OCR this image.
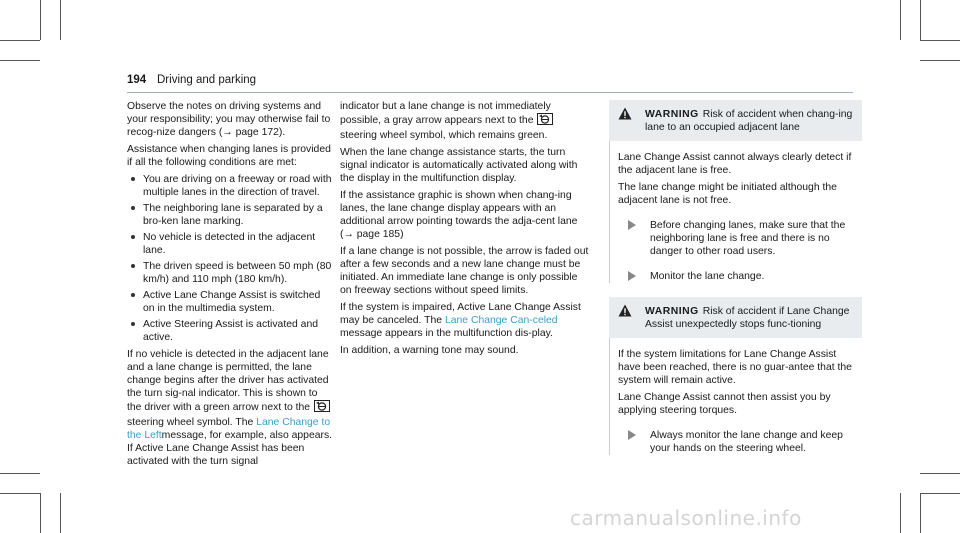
194 Driving and parking

Observe the notes on driving systems and your responsibility; you may otherwise fail to recog-nize dangers (→ page 172).

Assistance when changing lanes is provided if all the following conditions are met:

You are driving on a freeway or road with multiple lanes in the direction of travel.
The neighboring lane is separated by a bro-ken lane marking.
No vehicle is detected in the adjacent lane.
The driven speed is between 50 mph (80 km/h) and 110 mph (180 km/h).
Active Lane Change Assist is switched on in the multimedia system.
Active Steering Assist is activated and active.

If no vehicle is detected in the adjacent lane and a lane change is permitted, the lane change begins after the driver has activated the turn sig-nal indicator. This is shown to the driver with a green arrow next to the  steering wheel symbol. The Lane Change to the Leftmessage, for example, also appears. If Active Lane Change Assist has been activated with the turn signal

indicator but a lane change is not immediately possible, a gray arrow appears next to the  steering wheel symbol, which remains green.

When the lane change assistance starts, the turn signal indicator is automatically activated along with the display in the multifunction display.

If the assistance graphic is shown when chang-ing lanes, the lane change display appears with an additional arrow pointing towards the adja-cent lane (→ page 185)

If a lane change is not possible, the arrow is faded out after a few seconds and a new lane change must be initiated. An immediate lane change is only possible on freeway sections without speed limits.

If the system is impaired, Active Lane Change Assist may be canceled. The Lane Change Can-celed message appears in the multifunction dis-play.

In addition, a warning tone may sound.

WARNING Risk of accident when chang-ing lane to an occupied adjacent lane

Lane Change Assist cannot always clearly detect if the adjacent lane is free.

The lane change might be initiated although the adjacent lane is not free.

Before changing lanes, make sure that the neighboring lane is free and there is no danger to other road users.
Monitor the lane change.
WARNING Risk of accident if Lane Change Assist unexpectedly stops func-tioning

If the system limitations for Lane Change Assist have been reached, there is no guar-antee that the system will remain active.

Lane Change Assist cannot then assist you by applying steering torques.

Always monitor the lane change and keep your hands on the steering wheel.
carmanualsonline.info
